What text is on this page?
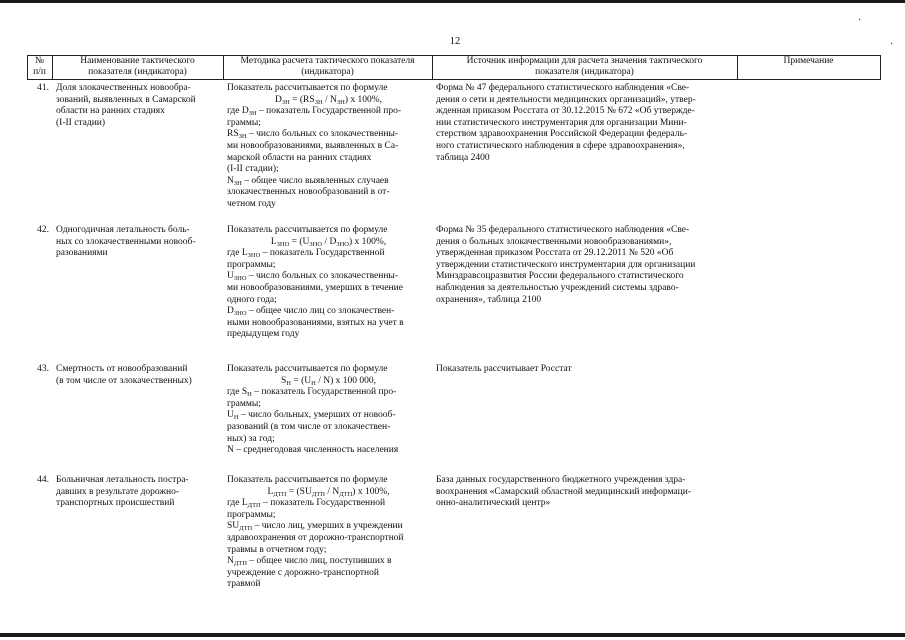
·
·
12
№
п/п
Наименование тактического
показателя (индикатора)
Методика расчета тактического показателя
(индикатора)
Источник информации для расчета значения тактического
показателя (индикатора)
Примечание
41. Доля злокачественных новообра-
зований, выявленных в Самарской
области на ранних стадиях
(I-II стадии)
Показатель рассчитывается по формуле
$D_{ЗН} = (RS_{ЗН} / N_{ЗН})$ x 100%,
где $D_{ЗН}$ – показатель Государственной про-
граммы;
$RS_{ЗН}$ – число больных со злокачественны-
ми новообразованиями, выявленных в Са-
марской области на ранних стадиях
(I-II стадии);
$N_{ЗН}$ – общее число выявленных случаев
злокачественных новообразований в от-
четном году
Форма № 47 федерального статистического наблюдения «Све-
дения о сети и деятельности медицинских организаций», утвер-
жденная приказом Росстата от 30.12.2015 № 672 «Об утвержде-
нии статистического инструментария для организации Мини-
стерством здравоохранения Российской Федерации федераль-
ного статистического наблюдения в сфере здравоохранения»,
таблица 2400
42. Одногодичная летальность боль-
ных со злокачественными новооб-
разованиями
Показатель рассчитывается по формуле
$L_{ЗНО} = (U_{ЗНО} / D_{ЗНО})$ x 100%,
где $L_{ЗНО}$ – показатель Государственной
программы;
$U_{ЗНО}$ – число больных со злокачественны-
ми новообразованиями, умерших в течение
одного года;
$D_{ЗНО}$ – общее число лиц со злокачествен-
ными новообразованиями, взятых на учет в
предыдущем году
Форма № 35 федерального статистического наблюдения «Све-
дения о больных злокачественными новообразованиями»,
утвержденная приказом Росстата от 29.12.2011 № 520 «Об
утверждении статистического инструментария для организации
Минздравсоцразвития России федерального статистического
наблюдения за деятельностью учреждений системы здраво-
охранения», таблица 2100
43. Смертность от новообразований
(в том числе от злокачественных)
Показатель рассчитывается по формуле
$S_Н = (U_Н / N)$ x 100 000,
где $S_Н$ – показатель Государственной про-
граммы;
$U_Н$ – число больных, умерших от новооб-
разований (в том числе от злокачествен-
ных) за год;
N – среднегодовая численность населения
Показатель рассчитывает Росстат
44. Больничная летальность постра-
давших в результате дорожно-
транспортных происшествий
Показатель рассчитывается по формуле
$L_{ДТП} = (SU_{ДТП} / N_{ДТП})$ x 100%,
где $L_{ДТП}$ – показатель Государственной
программы;
$SU_{ДТП}$ – число лиц, умерших в учреждении
здравоохранения от дорожно-транспортной
травмы в отчетном году;
$N_{ДТП}$ – общее число лиц, поступивших в
учреждение с дорожно-транспортной
травмой
База данных государственного бюджетного учреждения здра-
воохранения «Самарский областной медицинский информаци-
онно-аналитический центр»
